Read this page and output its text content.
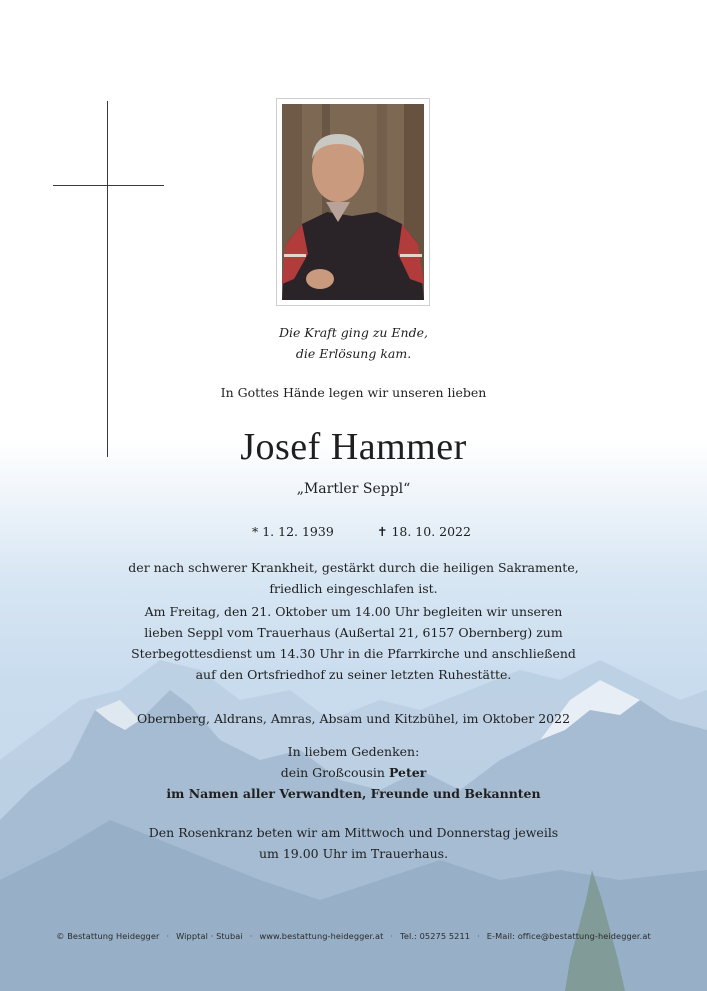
Die Kraft ging zu Ende,
die Erlösung kam.
In Gottes Hände legen wir unseren lieben
Josef Hammer
„Martler Seppl“
* 1. 12. 1939	✝ 18. 10. 2022
der nach schwerer Krankheit, gestärkt durch die heiligen Sakramente,
friedlich eingeschlafen ist.
Am Freitag, den 21. Oktober um 14.00 Uhr begleiten wir unseren
lieben Seppl vom Trauerhaus (Außertal 21, 6157 Obernberg) zum
Sterbegottesdienst um 14.30 Uhr in die Pfarrkirche und anschließend
auf den Ortsfriedhof zu seiner letzten Ruhestätte.
Obernberg, Aldrans, Amras, Absam und Kitzbühel, im Oktober 2022
In liebem Gedenken:
dein Großcousin Peter
im Namen aller Verwandten, Freunde und Bekannten
Den Rosenkranz beten wir am Mittwoch und Donnerstag jeweils
um 19.00 Uhr im Trauerhaus.
© Bestattung Heidegger · Wipptal · Stubai · www.bestattung-heidegger.at · Tel.: 05275 5211 · E-Mail: office@bestattung-heidegger.at
